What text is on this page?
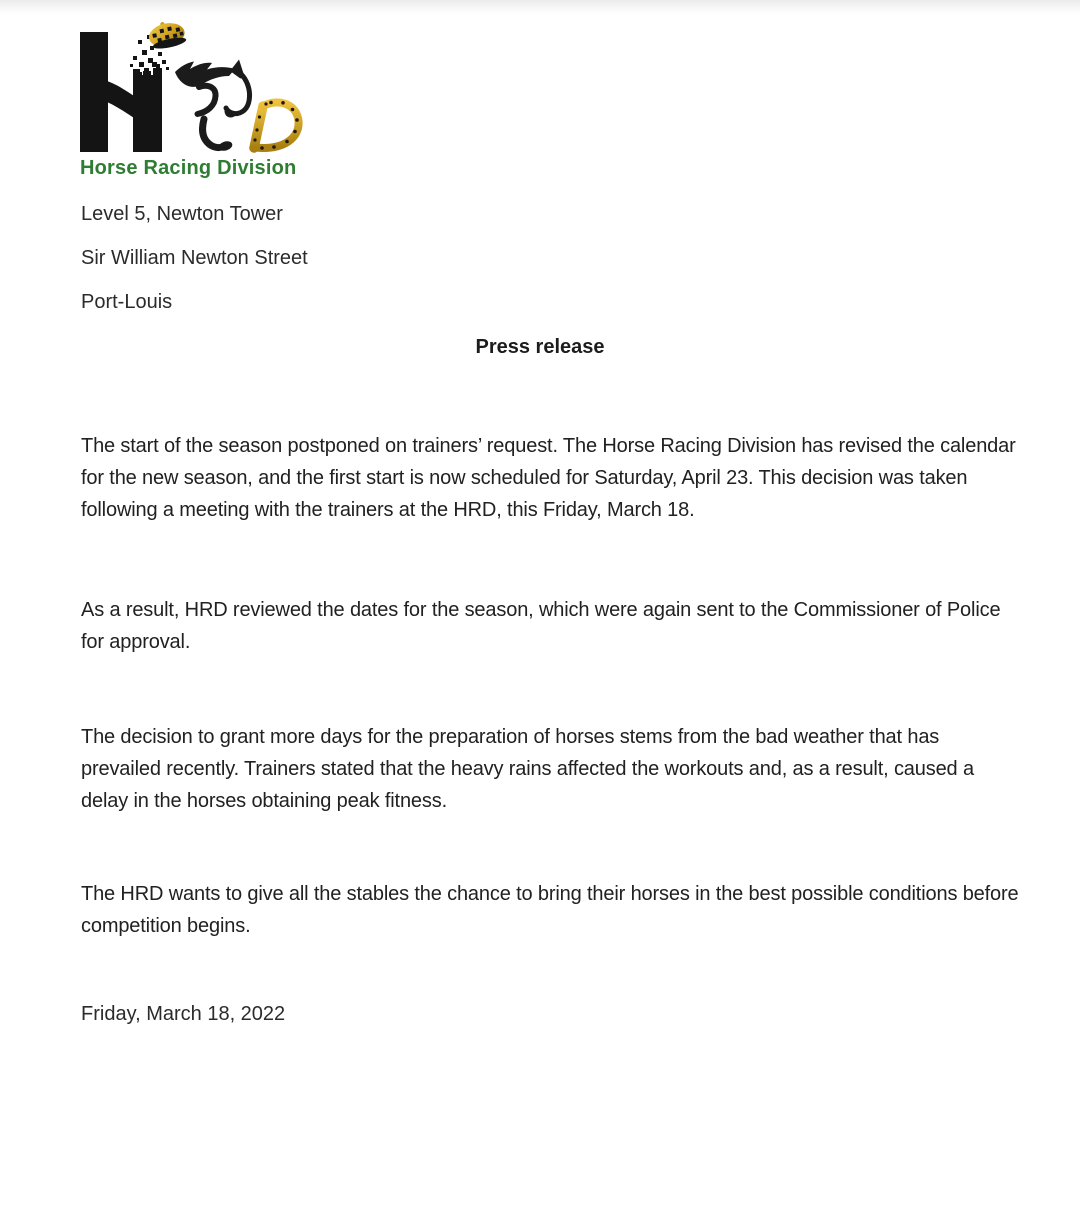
Horse Racing Division
Level 5, Newton Tower
Sir William Newton Street
Port-Louis
Press release
The start of the season postponed on trainers’ request. The Horse Racing Division has revised the calendar
for the new season, and the first start is now scheduled for Saturday, April 23. This decision was taken
following a meeting with the trainers at the HRD, this Friday, March 18.
As a result, HRD reviewed the dates for the season, which were again sent to the Commissioner of Police
for approval.
The decision to grant more days for the preparation of horses stems from the bad weather that has
prevailed recently. Trainers stated that the heavy rains affected the workouts and, as a result, caused a
delay in the horses obtaining peak fitness.
The HRD wants to give all the stables the chance to bring their horses in the best possible conditions before
competition begins.
Friday, March 18, 2022
